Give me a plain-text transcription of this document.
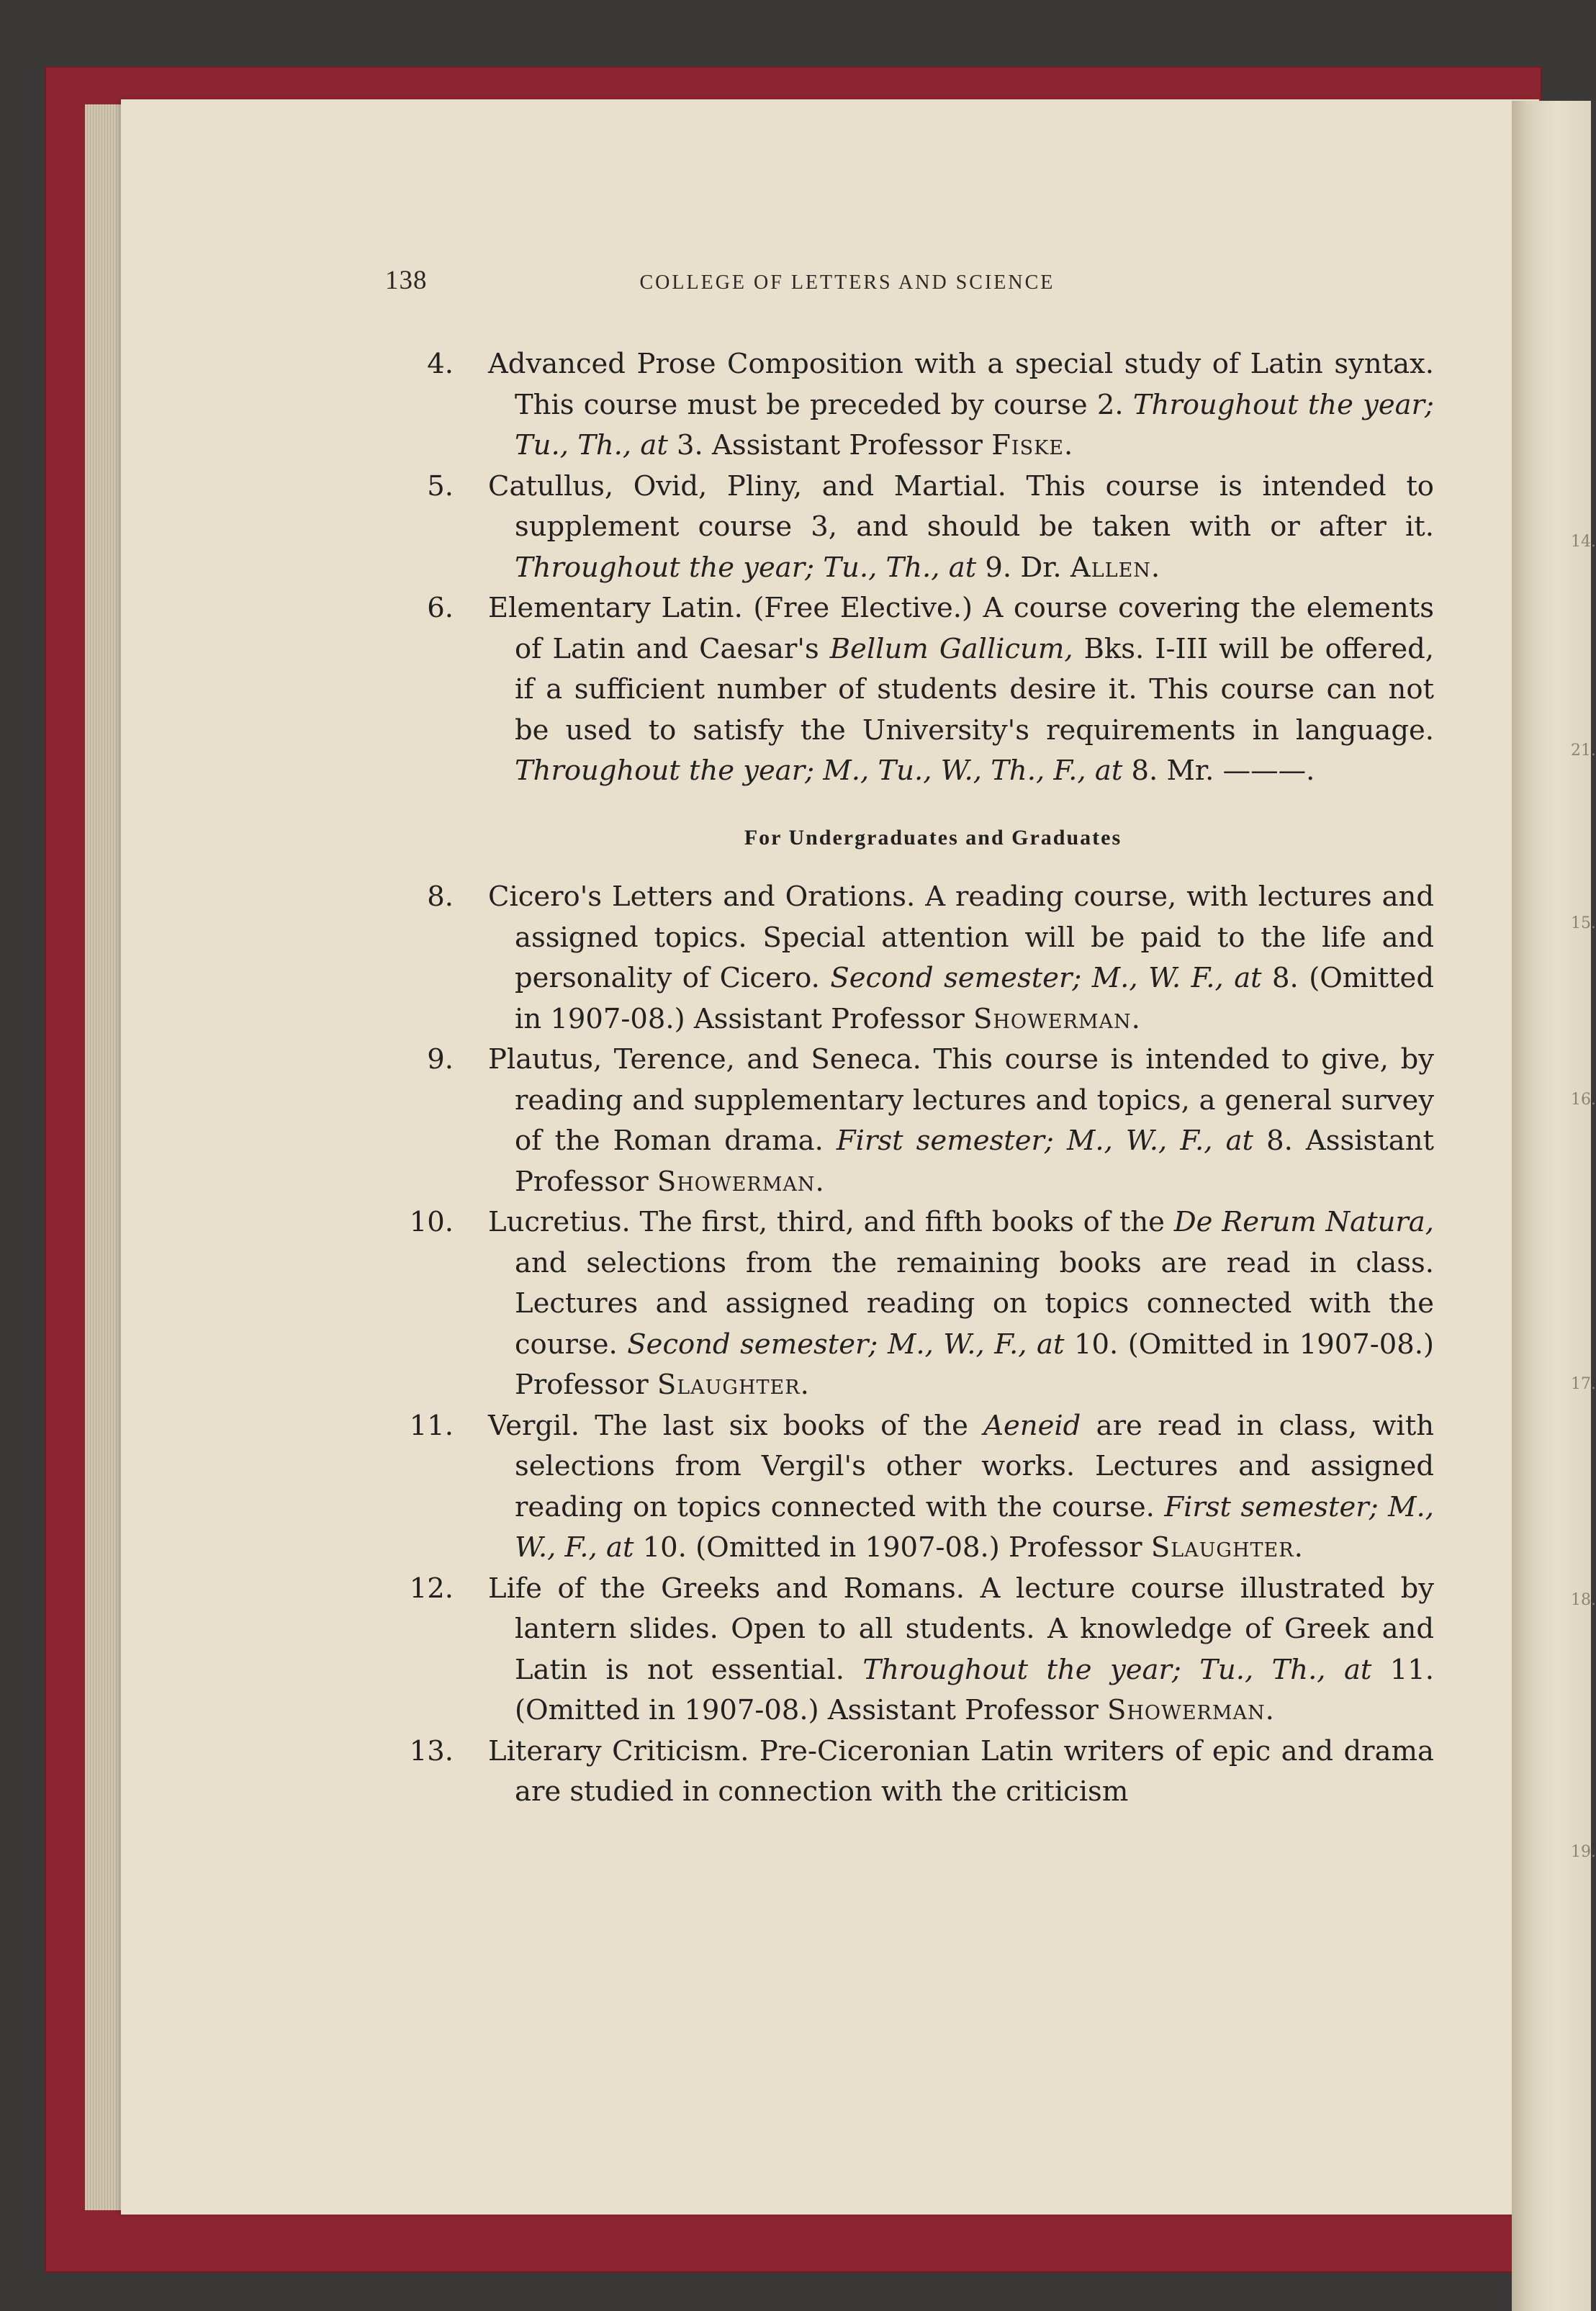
14.
21.
15.
16.
17.
18.
19.
138	COLLEGE OF LETTERS AND SCIENCE
4. Advanced Prose Composition with a special study of Latin syntax. This course must be preceded by course 2. Throughout the year; Tu., Th., at 3. Assistant Professor Fiske.
5. Catullus, Ovid, Pliny, and Martial. This course is intended to supplement course 3, and should be taken with or after it. Throughout the year; Tu., Th., at 9. Dr. Allen.
6. Elementary Latin. (Free Elective.) A course covering the elements of Latin and Caesar's Bellum Gallicum, Bks. I-III will be offered, if a sufficient number of students desire it. This course can not be used to satisfy the University's requirements in language. Throughout the year; M., Tu., W., Th., F., at 8. Mr. ———.
For Undergraduates and Graduates
8. Cicero's Letters and Orations. A reading course, with lectures and assigned topics. Special attention will be paid to the life and personality of Cicero. Second semester; M., W. F., at 8. (Omitted in 1907-08.) Assistant Professor Showerman.
9. Plautus, Terence, and Seneca. This course is intended to give, by reading and supplementary lectures and topics, a general survey of the Roman drama. First semester; M., W., F., at 8. Assistant Professor Showerman.
10. Lucretius. The first, third, and fifth books of the De Rerum Natura, and selections from the remaining books are read in class. Lectures and assigned reading on topics connected with the course. Second semester; M., W., F., at 10. (Omitted in 1907-08.) Professor Slaughter.
11. Vergil. The last six books of the Aeneid are read in class, with selections from Vergil's other works. Lectures and assigned reading on topics connected with the course. First semester; M., W., F., at 10. (Omitted in 1907-08.) Professor Slaughter.
12. Life of the Greeks and Romans. A lecture course illustrated by lantern slides. Open to all students. A knowledge of Greek and Latin is not essential. Throughout the year; Tu., Th., at 11. (Omitted in 1907-08.) Assistant Professor Showerman.
13. Literary Criticism. Pre-Ciceronian Latin writers of epic and drama are studied in connection with the criticism
